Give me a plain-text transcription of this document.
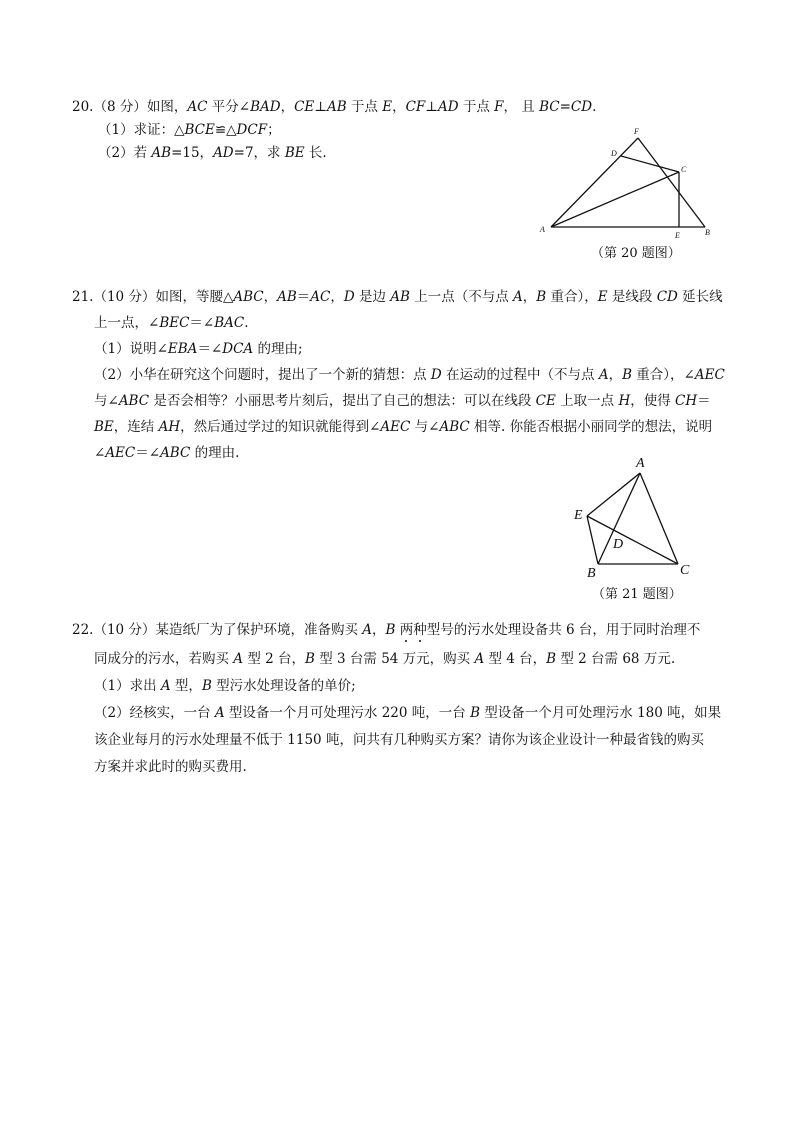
20.（8 分）如图，AC 平分∠BAD，CE⊥AB 于点 E，CF⊥AD 于点 F， 且 BC=CD.
（1）求证：△BCE≌△DCF；
（2）若 AB=15，AD=7，求 BE 长.
A	B
C
D
E
F
（第 20 题图）
21.（10 分）如图，等腰△ABC，AB＝AC，D 是边 AB 上一点（不与点 A，B 重合），E 是线段 CD 延长线
上一点，∠BEC＝∠BAC.
（1）说明∠EBA＝∠DCA 的理由;
（2）小华在研究这个问题时，提出了一个新的猜想：点 D 在运动的过程中（不与点 A，B 重合），∠AEC
与∠ABC 是否会相等？小丽思考片刻后，提出了自己的想法：可以在线段 CE 上取一点 H，使得 CH＝
BE，连结 AH，然后通过学过的知识就能得到∠AEC 与∠ABC 相等. 你能否根据小丽同学的想法，说明
∠AEC＝∠ABC 的理由.
A
B	C
D
E
（第 21 题图）
22.（10 分）某造纸厂为了保护环境，准备购买 A，B 两种型号的污水处理设备共 6 台，用于同时治理不
同成分的污水，若购买 A 型 2 台，B 型 3 台需 54 万元，购买 A 型 4 台，B 型 2 台需 68 万元.
（1）求出 A 型，B 型污水处理设备的单价;
（2）经核实，一台 A 型设备一个月可处理污水 220 吨，一台 B 型设备一个月可处理污水 180 吨，如果
该企业每月的污水处理量不低于 1150 吨，问共有几种购买方案？请你为该企业设计一种最省钱的购买
方案并求此时的购买费用.
